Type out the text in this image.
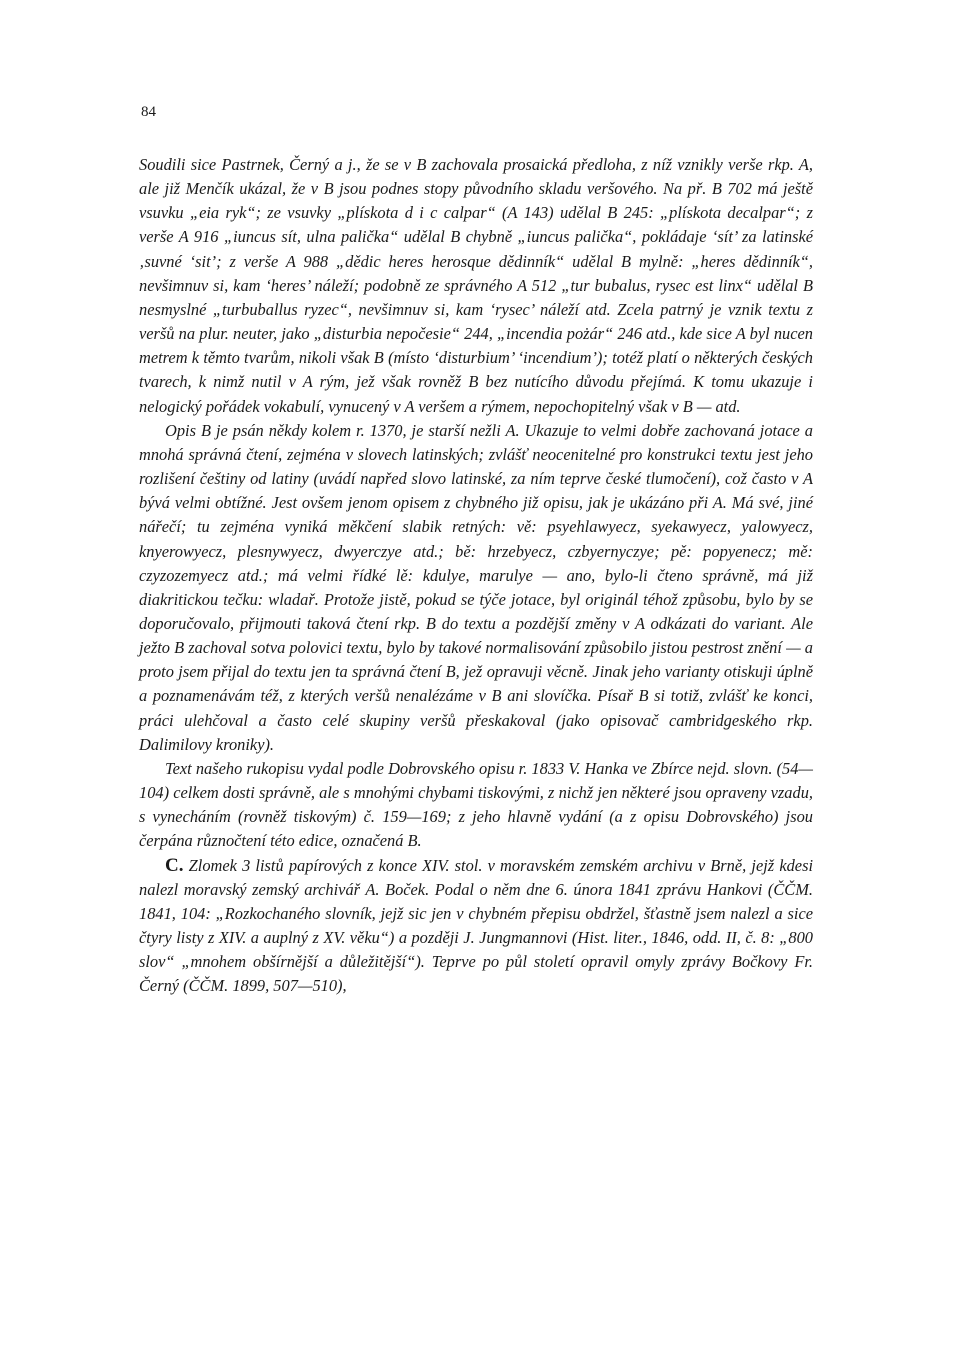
84

Soudili sice Pastrnek, Černý a j., že se v B zachovala prosaická předloha, z níž vznikly verše rkp. A, ale již Menčík ukázal, že v B jsou podnes stopy původního skladu veršového. Na př. B 702 má ještě vsuvku „eia ryk“; ze vsuvky „plískota d i c calpar“ (A 143) udělal B 245: „plískota decalpar“; z verše A 916 „iuncus sít, ulna palička“ udělal B chybně „iuncus palička“, pokládaje ‘sít’ za latinské ‚suvné ‘sit’; z verše A 988 „dědic heres herosque dědinník“ udělal B mylně: „heres dědinník“, nevšimnuv si, kam ‘heres’ náleží; podobně ze správného A 512 „tur bubalus, rysec est linx“ udělal B nesmyslné „turbuballus ryzec“, nevšimnuv si, kam ‘rysec’ náleží atd. Zcela patrný je vznik textu z veršů na plur. neuter, jako „disturbia nepočesie“ 244, „incendia pożár“ 246 atd., kde sice A byl nucen metrem k těmto tvarům, nikoli však B (místo ‘disturbium’ ‘incendium’); totéž platí o některých českých tvarech, k nimž nutil v A rým, jež však rovněž B bez nutícího důvodu přejímá. K tomu ukazuje i nelogický pořádek vokabulí, vynucený v A veršem a rýmem, nepochopitelný však v B — atd.

Opis B je psán někdy kolem r. 1370, je starší nežli A. Ukazuje to velmi dobře zachovaná jotace a mnohá správná čtení, zejména v slovech latinských; zvlášť neocenitelné pro konstrukci textu jest jeho rozlišení češtiny od latiny (uvádí napřed slovo latinské, za ním teprve české tlumočení), což často v A bývá velmi obtížné. Jest ovšem jenom opisem z chybného již opisu, jak je ukázáno při A. Má své, jiné nářečí; tu zejména vyniká měkčení slabik retných: vě: psyehlawyecz, syekawyecz, yalowyecz, knyerowyecz, plesnywyecz, dwyerczye atd.; bě: hrzebyecz, czbyernyczye; pě: popyenecz; mě: czyzozemyecz atd.; má velmi řídké lě: kdulye, marulye — ano, bylo-li čteno správně, má již diakritickou tečku: wladař. Protože jistě, pokud se týče jotace, byl originál téhož způsobu, bylo by se doporučovalo, přijmouti taková čtení rkp. B do textu a pozdější změny v A odkázati do variant. Ale ježto B zachoval sotva polovici textu, bylo by takové normalisování způsobilo jistou pestrost znění — a proto jsem přijal do textu jen ta správná čtení B, jež opravuji věcně. Jinak jeho varianty otiskuji úplně a poznamenávám též, z kterých veršů nenalézáme v B ani slovíčka. Písař B si totiž, zvlášť ke konci, práci ulehčoval a často celé skupiny veršů přeskakoval (jako opisovač cambridgeského rkp. Dalimilovy kroniky).

Text našeho rukopisu vydal podle Dobrovského opisu r. 1833 V. Hanka ve Zbírce nejd. slovn. (54—104) celkem dosti správně, ale s mnohými chybami tiskovými, z nichž jen některé jsou opraveny vzadu, s vynecháním (rovněž tiskovým) č. 159—169; z jeho hlavně vydání (a z opisu Dobrovského) jsou čerpána různočtení této edice, označená B.

C. Zlomek 3 listů papírových z konce XIV. stol. v moravském zemském archivu v Brně, jejž kdesi nalezl moravský zemský archivář A. Boček. Podal o něm dne 6. února 1841 zprávu Hankovi (ČČM. 1841, 104: „Rozkochaného slovník, jejž sic jen v chybném přepisu obdržel, šťastně jsem nalezl a sice čtyry listy z XIV. a auplný z XV. věku“) a později J. Jungmannovi (Hist. liter., 1846, odd. II, č. 8: „800 slov“ „mnohem obšírnější a důležitější“). Teprve po půl století opravil omyly zprávy Bočkovy Fr. Černý (ČČM. 1899, 507—510),
